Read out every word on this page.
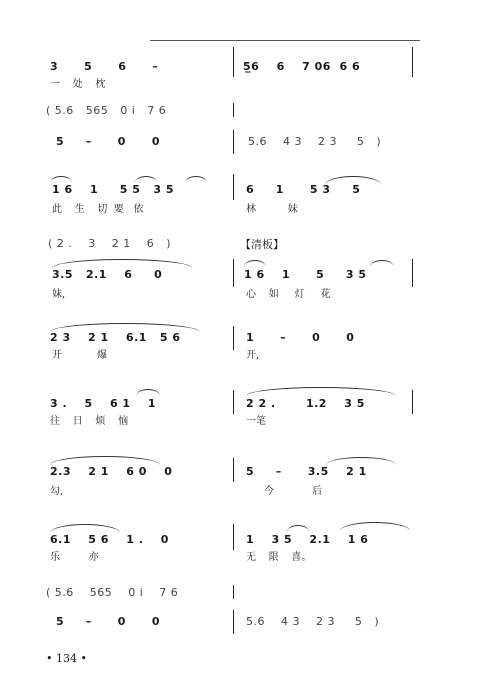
3      5      6      –	5̲̇6    6    7 06  6 6
一    处    枕
( 5.6   565   0 i   7 6
5     –      0      0	5.6    4 3    2 3     5   )
1 6    1     5 5   3 5	6     1      5 3     5
此    生    切  要   依	林          妹
( 2 .    3    2 1    6   )	【清板】
3.5   2.1    6     0	1 6    1      5     3 5
妹,	心    如     灯     花
2 3    2 1    6.1   5 6	1      –      0      0
开           爆	开,
3 .    5    6 1    1	2 2 .       1.2    3 5
往    日    烦    恼	一笔
2.3    2 1    6 0    0	5     –      3.5    2 1
勾,	今            后
6.1    5 6    1 .    0	1    3 5    2.1    1 6
乐         亦	无    限    喜。
( 5.6    565    0 i    7 6
5     –      0      0	5.6    4 3    2 3     5   )
• 134 •
